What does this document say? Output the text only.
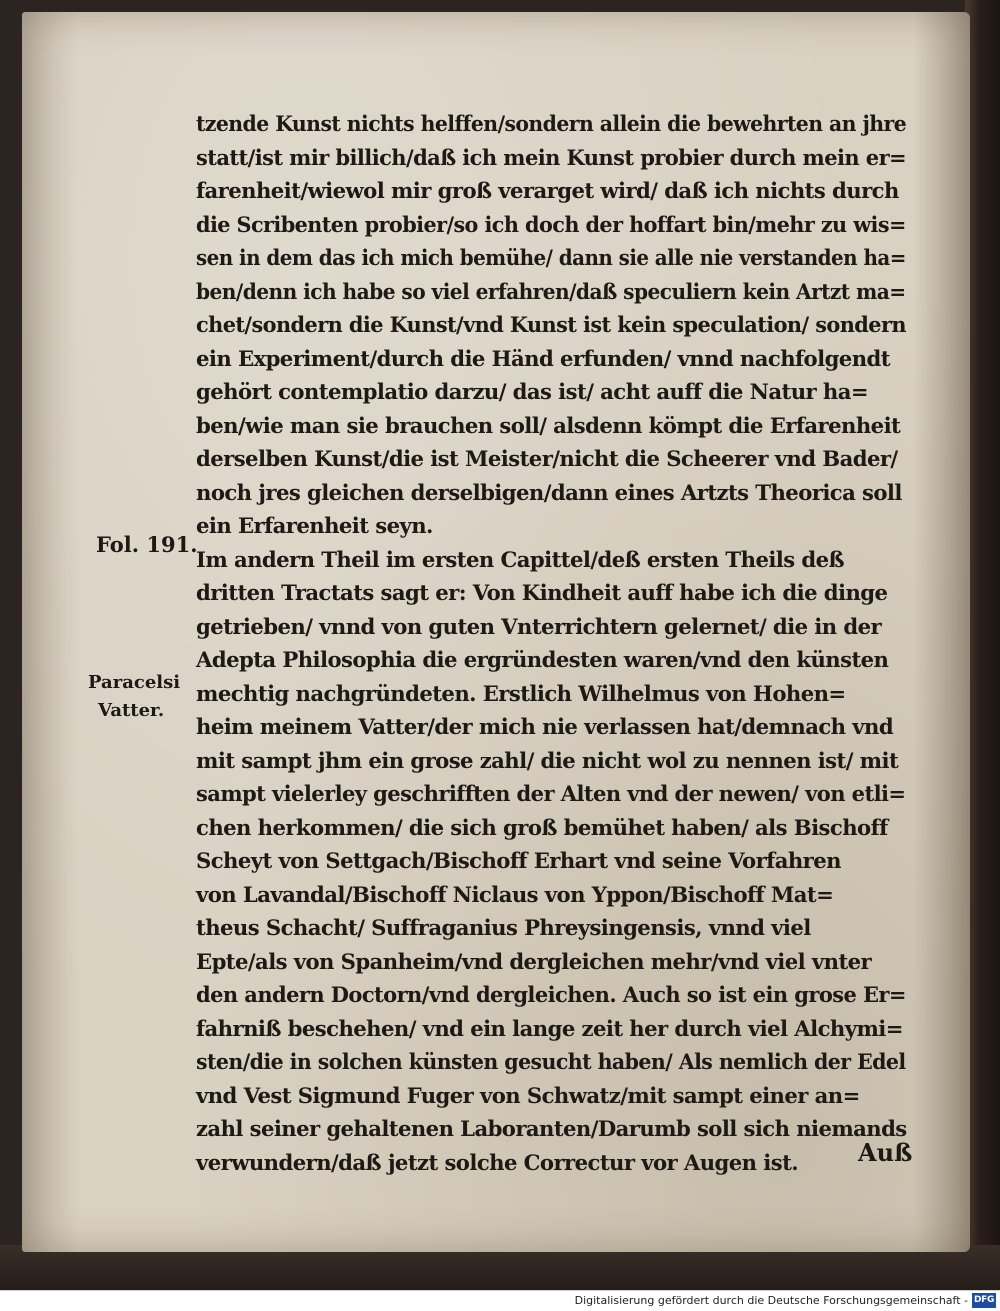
tzende Kunst nichts helffen/sondern allein die bewehrten an jhre
statt/ist mir billich/daß ich mein Kunst probier durch mein er=
farenheit/wiewol mir groß verarget wird/ daß ich nichts durch
die Scribenten probier/so ich doch der hoffart bin/mehr zu wis=
sen in dem das ich mich bemühe/ dann sie alle nie verstanden ha=
ben/denn ich habe so viel erfahren/daß speculiern kein Artzt ma=
chet/sondern die Kunst/vnd Kunst ist kein speculation/ sondern
ein Experiment/durch die Händ erfunden/ vnnd nachfolgendt
gehört contemplatio darzu/ das ist/ acht auff die Natur ha=
ben/wie man sie brauchen soll/ alsdenn kömpt die Erfarenheit
derselben Kunst/die ist Meister/nicht die Scheerer vnd Bader/
noch jres gleichen derselbigen/dann eines Artzts Theorica soll
ein Erfarenheit seyn.
Im andern Theil im ersten Capittel/deß ersten Theils deß
dritten Tractats sagt er: Von Kindheit auff habe ich die dinge
getrieben/ vnnd von guten Vnterrichtern gelernet/ die in der
Adepta Philosophia die ergründesten waren/vnd den künsten
mechtig nachgründeten. Erstlich Wilhelmus von Hohen=
heim meinem Vatter/der mich nie verlassen hat/demnach vnd
mit sampt jhm ein grose zahl/ die nicht wol zu nennen ist/ mit
sampt vielerley geschrifften der Alten vnd der newen/ von etli=
chen herkommen/ die sich groß bemühet haben/ als Bischoff
Scheyt von Settgach/Bischoff Erhart vnd seine Vorfahren
von Lavandal/Bischoff Niclaus von Yppon/Bischoff Mat=
theus Schacht/ Suffraganius Phreysingensis, vnnd viel
Epte/als von Spanheim/vnd dergleichen mehr/vnd viel vnter
den andern Doctorn/vnd dergleichen. Auch so ist ein grose Er=
fahrniß beschehen/ vnd ein lange zeit her durch viel Alchymi=
sten/die in solchen künsten gesucht haben/ Als nemlich der Edel
vnd Vest Sigmund Fuger von Schwatz/mit sampt einer an=
zahl seiner gehaltenen Laboranten/Darumb soll sich niemands
verwundern/daß jetzt solche Correctur vor Augen ist.
Fol. 191.
Paracelsi
Vatter.
Auß
Digitalisierung gefördert durch die Deutsche Forschungsgemeinschaft - DFG
